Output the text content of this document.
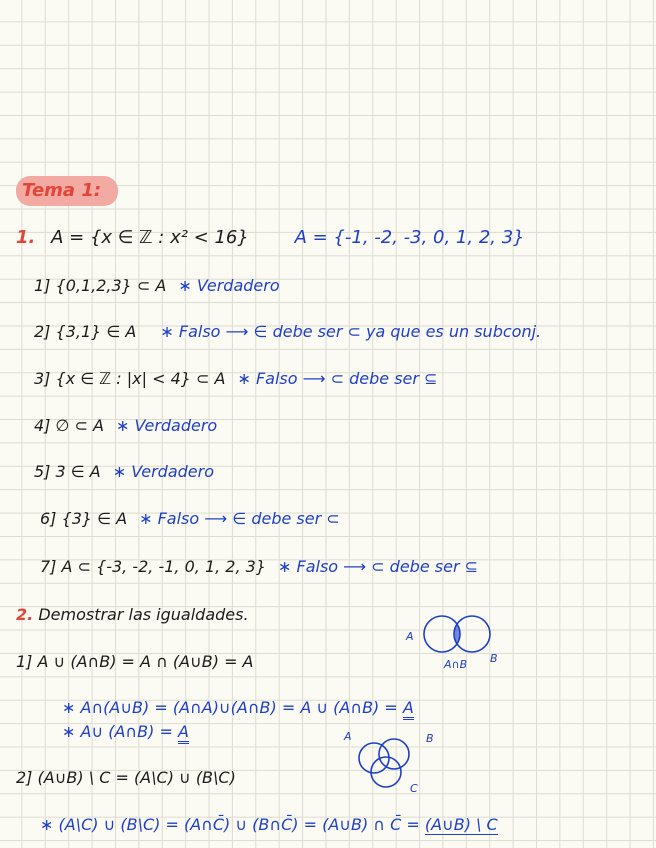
Tema 1:
1. A = {x ∈ ℤ : x² < 16}	A = {-1, -2, -3, 0, 1, 2, 3}
1] {0,1,2,3} ⊂ A ∗ Verdadero
2] {3,1} ∈ A ∗ Falso ⟶ ∈ debe ser ⊂ ya que es un subconj.
3] {x ∈ ℤ : |x| < 4} ⊂ A ∗ Falso ⟶ ⊂ debe ser ⊆
4] ∅ ⊂ A ∗ Verdadero
5] 3 ∈ A ∗ Verdadero
6] {3} ∈ A ∗ Falso ⟶ ∈ debe ser ⊂
7] A ⊂ {-3, -2, -1, 0, 1, 2, 3} ∗ Falso ⟶ ⊂ debe ser ⊆
2. Demostrar las igualdades.
A
B
A∩B
1] A ∪ (A∩B) = A ∩ (A∪B) = A
∗ A∩(A∪B) = (A∩A)∪(A∩B) = A ∪ (A∩B) = A
∗ A∪ (A∩B) = A	A	B
C
2] (A∪B) \ C = (A\C) ∪ (B\C)
∗ (A\C) ∪ (B\C) = (A∩C̄) ∪ (B∩C̄) = (A∪B) ∩ C̄ = (A∪B) \ C
